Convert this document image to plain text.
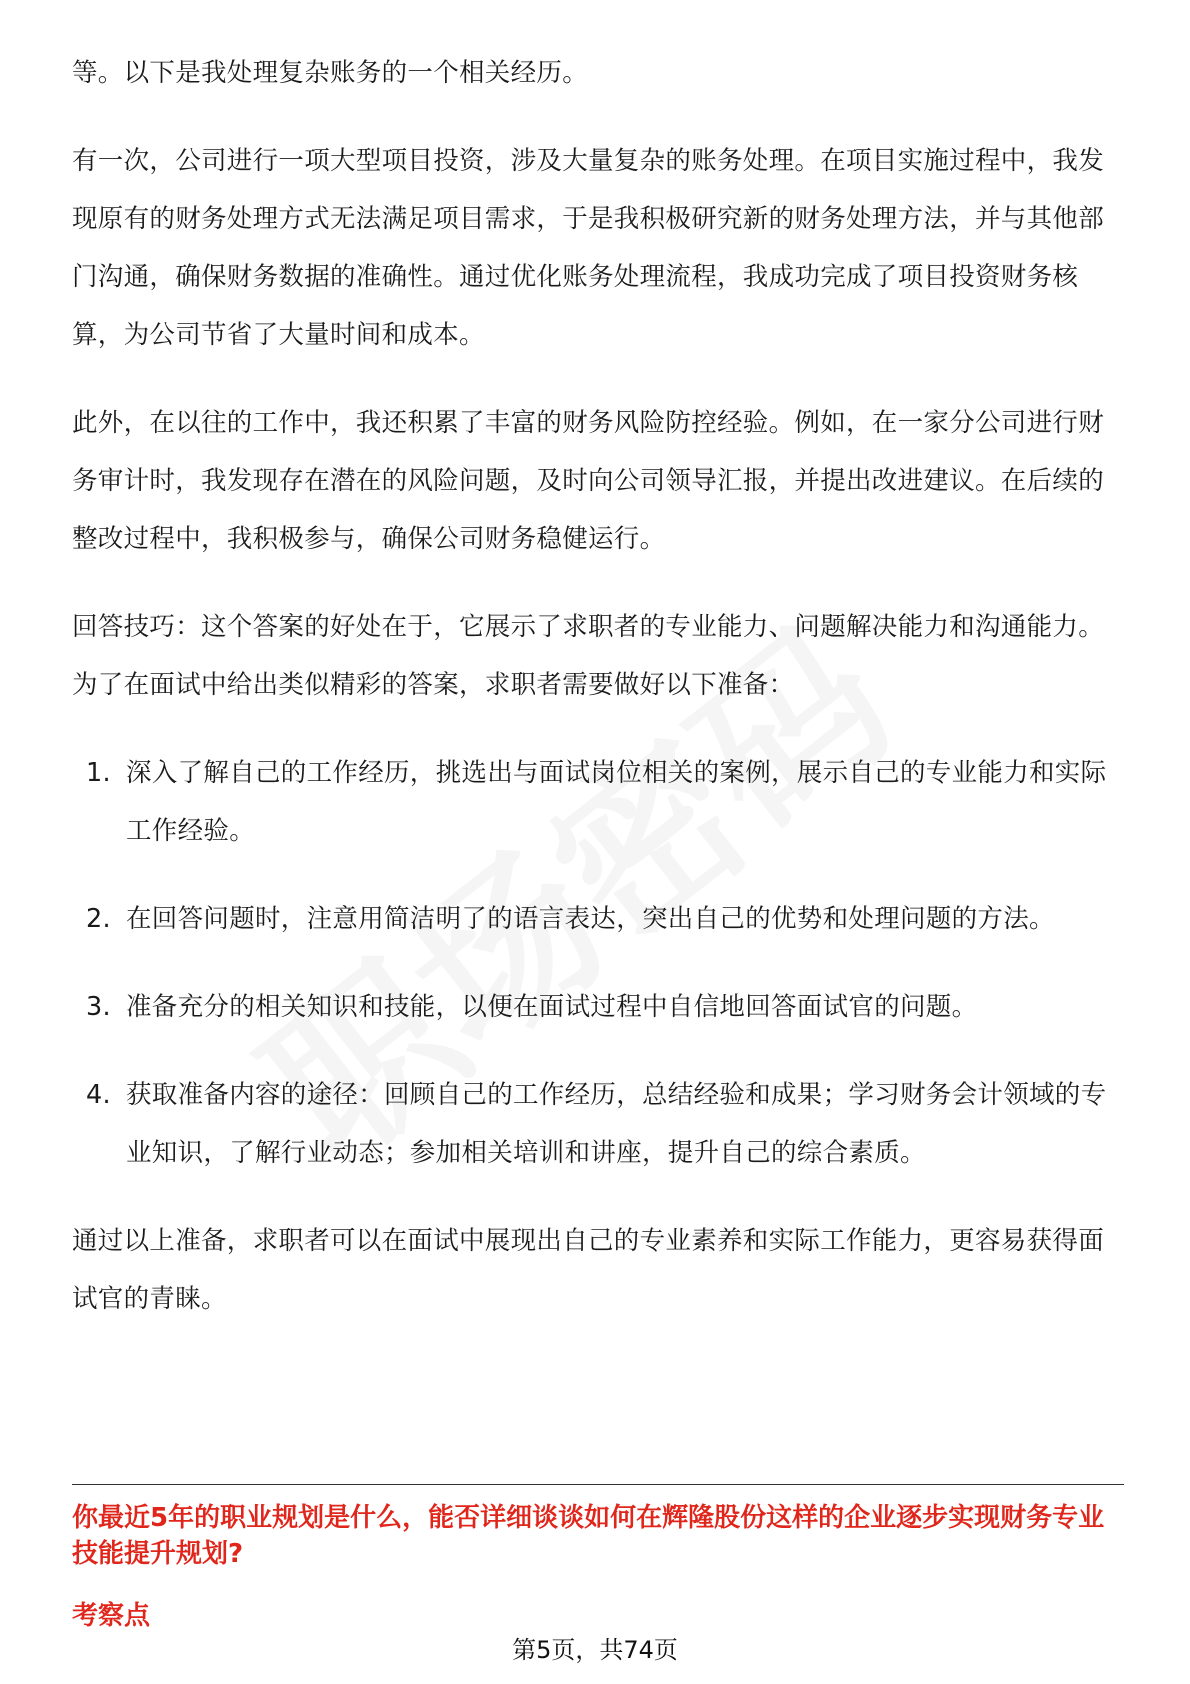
等。以下是我处理复杂账务的一个相关经历。

有一次，公司进行一项大型项目投资，涉及大量复杂的账务处理。在项目实施过程中，我发现原有的财务处理方式无法满足项目需求，于是我积极研究新的财务处理方法，并与其他部门沟通，确保财务数据的准确性。通过优化账务处理流程，我成功完成了项目投资财务核算，为公司节省了大量时间和成本。

此外，在以往的工作中，我还积累了丰富的财务风险防控经验。例如，在一家分公司进行财务审计时，我发现存在潜在的风险问题，及时向公司领导汇报，并提出改进建议。在后续的整改过程中，我积极参与，确保公司财务稳健运行。

回答技巧：这个答案的好处在于，它展示了求职者的专业能力、问题解决能力和沟通能力。为了在面试中给出类似精彩的答案，求职者需要做好以下准备：

1. 深入了解自己的工作经历，挑选出与面试岗位相关的案例，展示自己的专业能力和实际工作经验。
2. 在回答问题时，注意用简洁明了的语言表达，突出自己的优势和处理问题的方法。
3. 准备充分的相关知识和技能，以便在面试过程中自信地回答面试官的问题。
4. 获取准备内容的途径：回顾自己的工作经历，总结经验和成果；学习财务会计领域的专业知识，了解行业动态；参加相关培训和讲座，提升自己的综合素质。

通过以上准备，求职者可以在面试中展现出自己的专业素养和实际工作能力，更容易获得面试官的青睐。

你最近5年的职业规划是什么，能否详细谈谈如何在辉隆股份这样的企业逐步实现财务专业技能提升规划?

考察点

第5页，共74页
